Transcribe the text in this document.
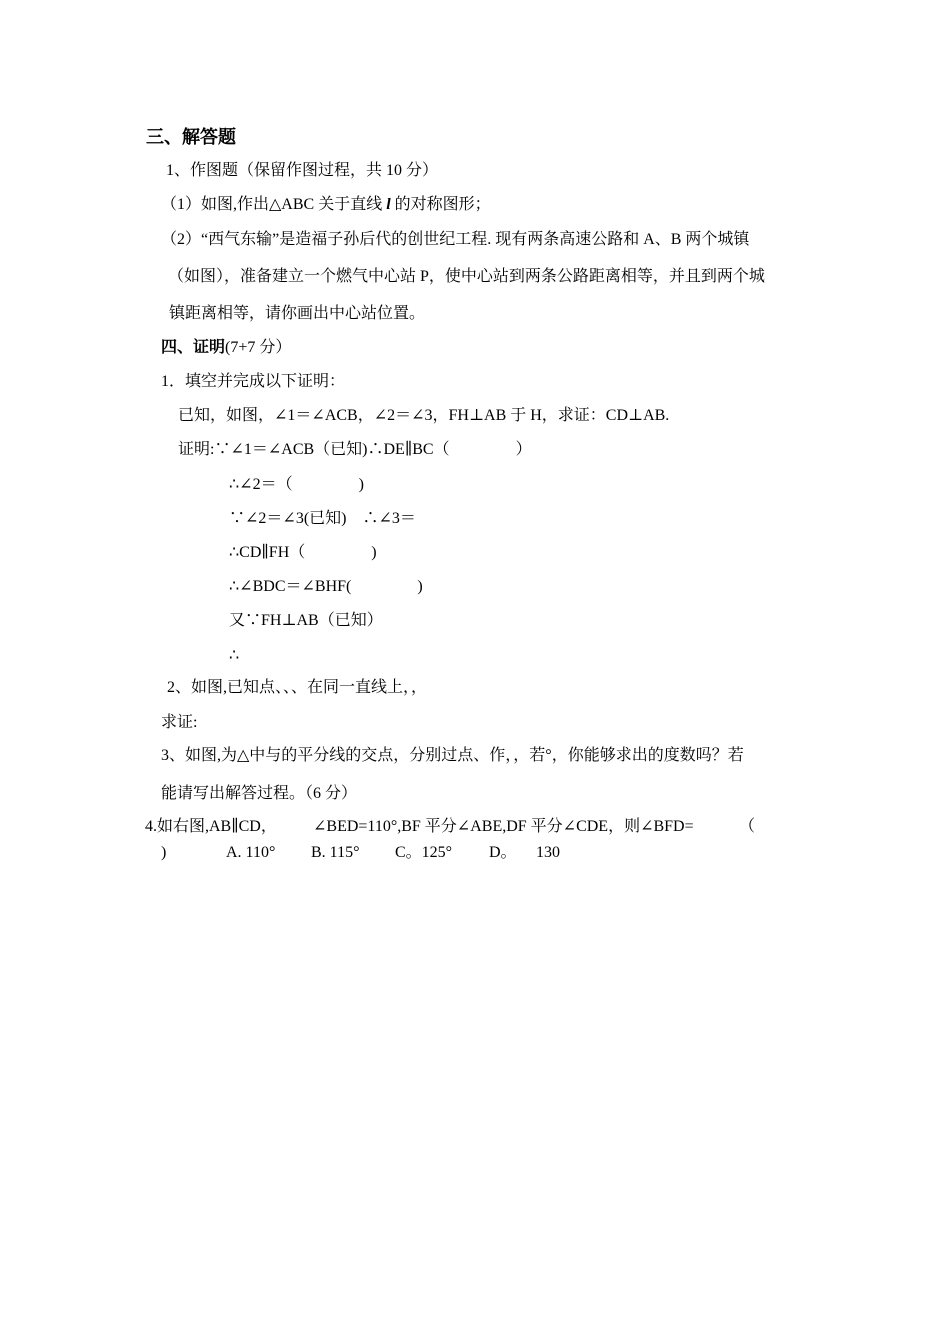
三、解答题
1、作图题（保留作图过程，共 10 分）
（1）如图,作出△ABC 关于直线 l 的对称图形；
（2）“西气东输”是造福子孙后代的创世纪工程. 现有两条高速公路和 A、B 两个城镇
（如图），准备建立一个燃气中心站 P，使中心站到两条公路距离相等，并且到两个城
镇距离相等，请你画出中心站位置。
四、证明(7+7 分）
1．填空并完成以下证明：
已知，如图，∠1＝∠ACB，∠2＝∠3，FH⊥AB 于 H，求证：CD⊥AB.
证明:∵∠1＝∠ACB（已知)∴DE∥BC（	）
∴∠2＝（	)
∵∠2＝∠3(已知)　∴∠3＝
∴CD∥FH（	)
∴∠BDC＝∠BHF(	)
又∵FH⊥AB（已知）
∴
2、如图,已知点、、、在同一直线上，，
求证:
3、如图,为△中与的平分线的交点，分别过点、作，，若°，你能够求出的度数吗？若
能请写出解答过程。（6 分）
4.如右图,AB∥CD， ∠BED=110°,BF 平分∠ABE,DF 平分∠CDE，则∠BFD=	（
)	A. 110° B. 115° C。125° D。 130
